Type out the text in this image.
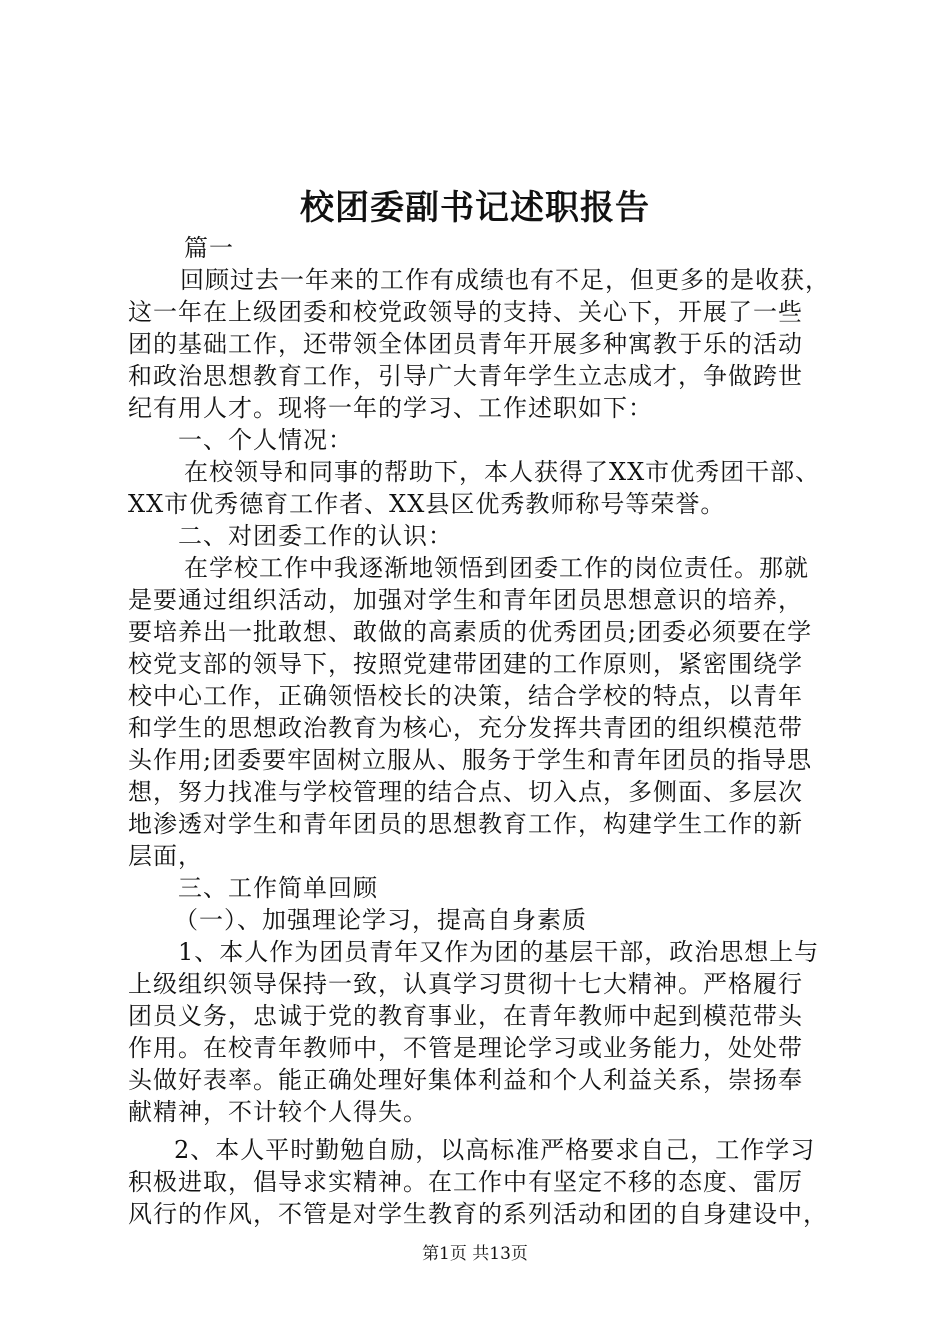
校团委副书记述职报告
篇一
回顾过去一年来的工作有成绩也有不足，但更多的是收获，
这一年在上级团委和校党政领导的支持、关心下，开展了一些
团的基础工作，还带领全体团员青年开展多种寓教于乐的活动
和政治思想教育工作，引导广大青年学生立志成才，争做跨世
纪有用人才。现将一年的学习、工作述职如下：
一、个人情况：
在校领导和同事的帮助下，本人获得了XX市优秀团干部、
XX市优秀德育工作者、XX县区优秀教师称号等荣誉。
二、对团委工作的认识：
在学校工作中我逐渐地领悟到团委工作的岗位责任。那就
是要通过组织活动，加强对学生和青年团员思想意识的培养，
要培养出一批敢想、敢做的高素质的优秀团员;团委必须要在学
校党支部的领导下，按照党建带团建的工作原则，紧密围绕学
校中心工作，正确领悟校长的决策，结合学校的特点，以青年
和学生的思想政治教育为核心，充分发挥共青团的组织模范带
头作用;团委要牢固树立服从、服务于学生和青年团员的指导思
想，努力找准与学校管理的结合点、切入点，多侧面、多层次
地渗透对学生和青年团员的思想教育工作，构建学生工作的新
层面，
三、工作简单回顾
（一）、加强理论学习，提高自身素质
1、本人作为团员青年又作为团的基层干部，政治思想上与
上级组织领导保持一致，认真学习贯彻十七大精神。严格履行
团员义务，忠诚于党的教育事业，在青年教师中起到模范带头
作用。在校青年教师中，不管是理论学习或业务能力，处处带
头做好表率。能正确处理好集体利益和个人利益关系，崇扬奉
献精神，不计较个人得失。
2、本人平时勤勉自励，以高标准严格要求自己，工作学习
积极进取，倡导求实精神。在工作中有坚定不移的态度、雷厉
风行的作风，不管是对学生教育的系列活动和团的自身建设中，
第1页 共13页
